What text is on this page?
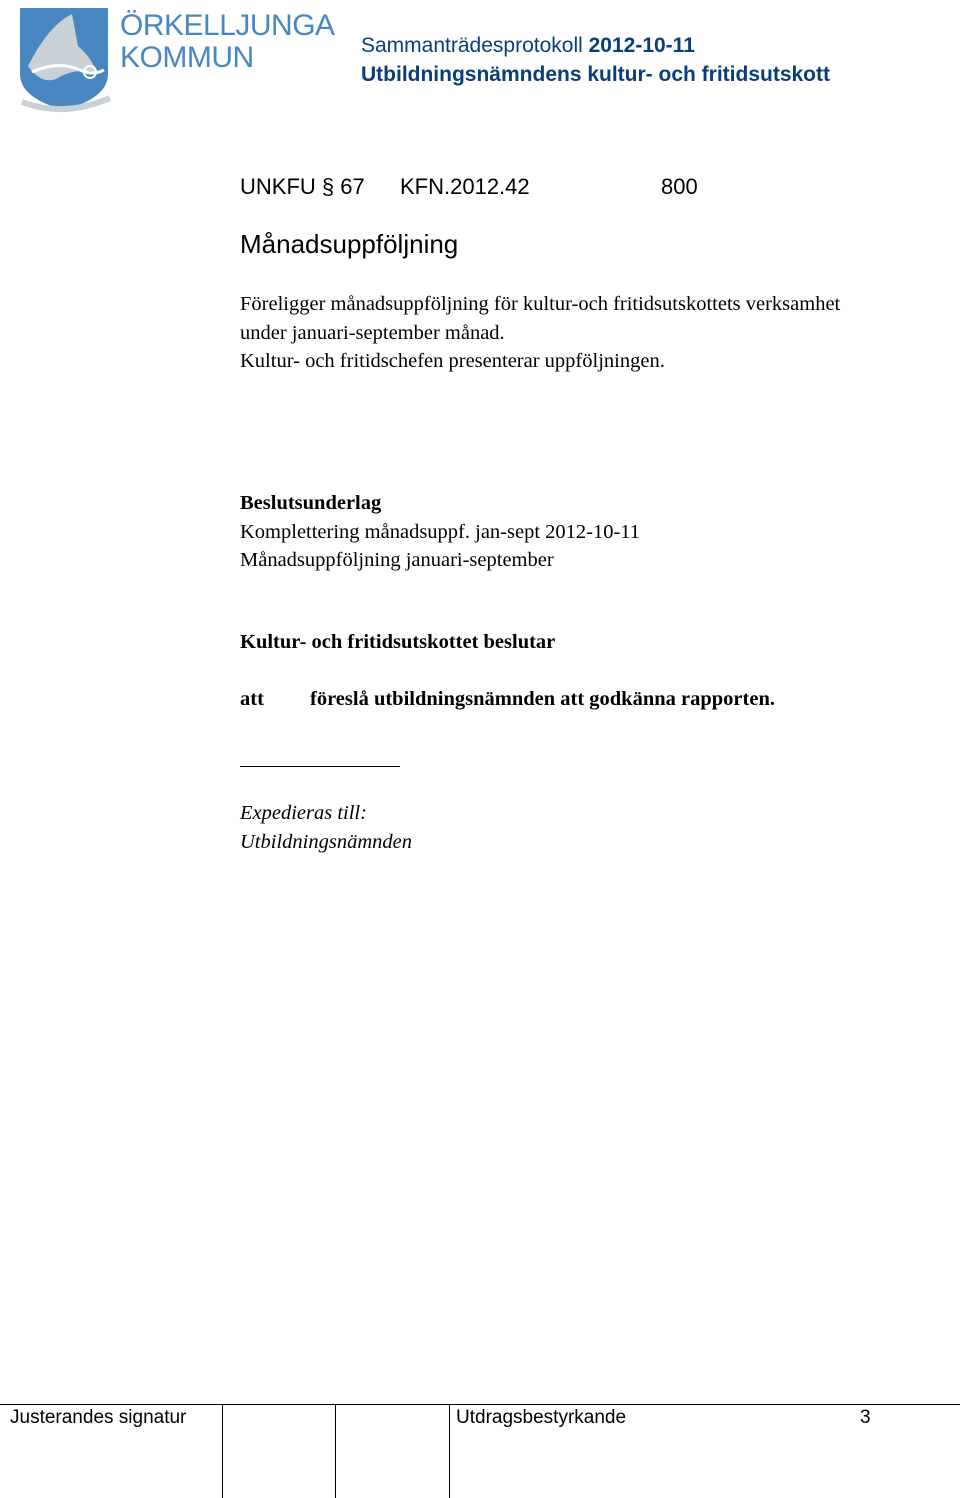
ÖRKELLJUNGA
KOMMUN	Sammanträdesprotokoll 2012-10-11
Utbildningsnämndens kultur- och fritidsutskott
UNKFU § 67 KFN.2012.42	800
Månadsuppföljning
Föreligger månadsuppföljning för kultur-och fritidsutskottets verksamhet
under januari-september månad.
Kultur- och fritidschefen presenterar uppföljningen.
Beslutsunderlag
Komplettering månadsuppf. jan-sept 2012-10-11
Månadsuppföljning januari-september
Kultur- och fritidsutskottet beslutar
att föreslå utbildningsnämnden att godkänna rapporten.
Expedieras till:
Utbildningsnämnden
Justerandes signatur	Utdragsbestyrkande	3
